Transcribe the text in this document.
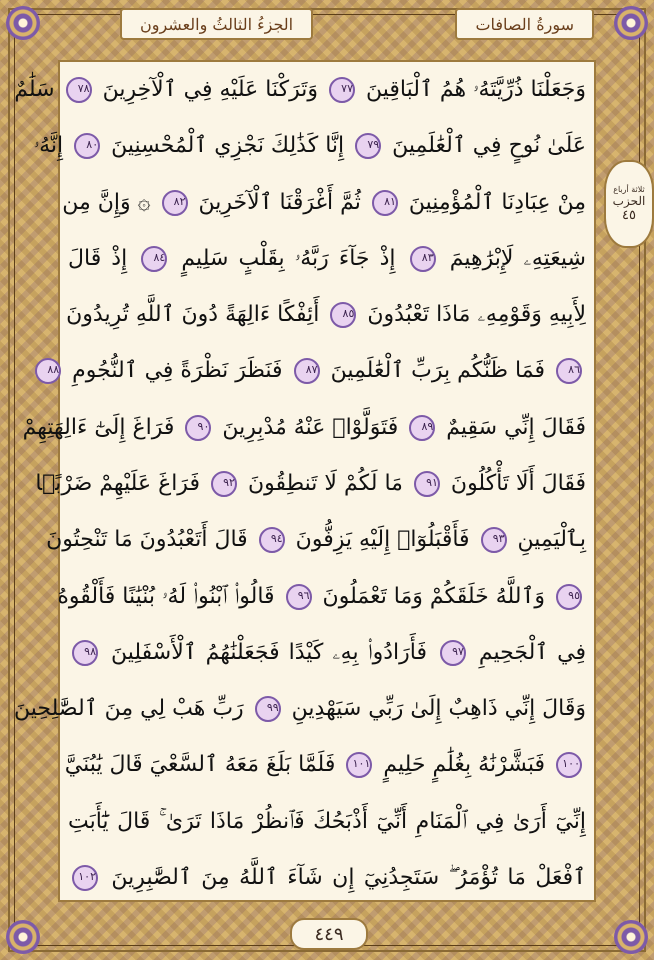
الجزءُ الثالثُ والعشرون	سورةُ الصافات
وَجَعَلْنَا ذُرِّيَّتَهُۥ هُمُ ٱلْبَاقِينَ ٧٧ وَتَرَكْنَا عَلَيْهِ فِي ٱلْآخِرِينَ ٧٨ سَلَٰمٌ
عَلَىٰ نُوحٍ فِي ٱلْعَٰلَمِينَ ٧٩ إِنَّا كَذَٰلِكَ نَجْزِي ٱلْمُحْسِنِينَ ٨٠ إِنَّهُۥ
مِنْ عِبَادِنَا ٱلْمُؤْمِنِينَ ٨١ ثُمَّ أَغْرَقْنَا ٱلْآخَرِينَ ٨٢ ۞ وَإِنَّ مِن
شِيعَتِهِۦ لَإِبْرَٰهِيمَ ٨٣ إِذْ جَآءَ رَبَّهُۥ بِقَلْبٍ سَلِيمٍ ٨٤ إِذْ قَالَ
لِأَبِيهِ وَقَوْمِهِۦ مَاذَا تَعْبُدُونَ ٨٥ أَئِفْكًا ءَالِهَةً دُونَ ٱللَّهِ تُرِيدُونَ
٨٦ فَمَا ظَنُّكُم بِرَبِّ ٱلْعَٰلَمِينَ ٨٧ فَنَظَرَ نَظْرَةً فِي ٱلنُّجُومِ ٨٨
فَقَالَ إِنِّي سَقِيمٌ ٨٩ فَتَوَلَّوْا۟ عَنْهُ مُدْبِرِينَ ٩٠ فَرَاغَ إِلَىٰٓ ءَالِهَتِهِمْ
فَقَالَ أَلَا تَأْكُلُونَ ٩١ مَا لَكُمْ لَا تَنطِقُونَ ٩٢ فَرَاغَ عَلَيْهِمْ ضَرْبًۢا
بِٱلْيَمِينِ ٩٣ فَأَقْبَلُوٓا۟ إِلَيْهِ يَزِفُّونَ ٩٤ قَالَ أَتَعْبُدُونَ مَا تَنْحِتُونَ
٩٥ وَٱللَّهُ خَلَقَكُمْ وَمَا تَعْمَلُونَ ٩٦ قَالُوا۟ ٱبْنُوا۟ لَهُۥ بُنْيَٰنًا فَأَلْقُوهُ
فِي ٱلْجَحِيمِ ٩٧ فَأَرَادُوا۟ بِهِۦ كَيْدًا فَجَعَلْنَٰهُمُ ٱلْأَسْفَلِينَ ٩٨
وَقَالَ إِنِّي ذَاهِبٌ إِلَىٰ رَبِّي سَيَهْدِينِ ٩٩ رَبِّ هَبْ لِي مِنَ ٱلصَّٰلِحِينَ
١٠٠ فَبَشَّرْنَٰهُ بِغُلَٰمٍ حَلِيمٍ ١٠١ فَلَمَّا بَلَغَ مَعَهُ ٱلسَّعْيَ قَالَ يَٰبُنَيَّ
إِنِّيٓ أَرَىٰ فِي ٱلْمَنَامِ أَنِّيٓ أَذْبَحُكَ فَٱنظُرْ مَاذَا تَرَىٰ ۚ قَالَ يَٰٓأَبَتِ
ٱفْعَلْ مَا تُؤْمَرُ ۖ سَتَجِدُنِيٓ إِن شَآءَ ٱللَّهُ مِنَ ٱلصَّٰبِرِينَ ١٠٢
ثلاثة أرباع
الحزب
٤٥
٤٤٩
